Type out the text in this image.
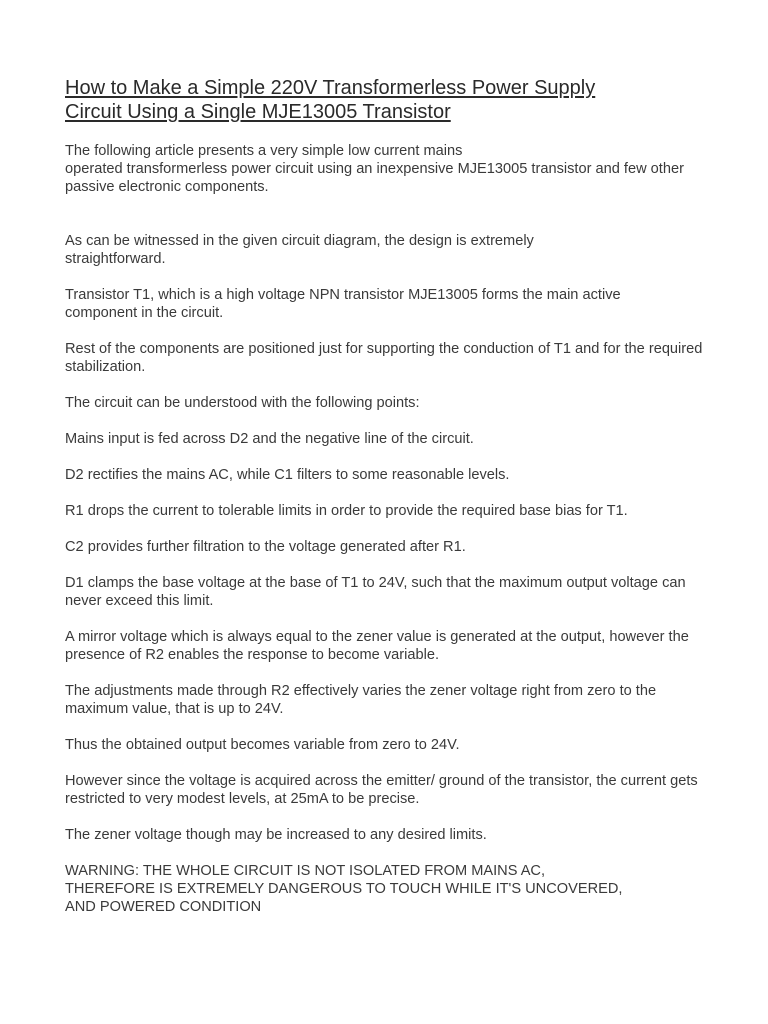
How to Make a Simple 220V Transformerless Power Supply
Circuit Using a Single MJE13005 Transistor

The following article presents a very simple low current mains
operated transformerless power circuit using an inexpensive MJE13005 transistor and few other passive electronic components.

As can be witnessed in the given circuit diagram, the design is extremely straightforward.

Transistor T1, which is a high voltage NPN transistor MJE13005 forms the main active component in the circuit.

Rest of the components are positioned just for supporting the conduction of T1 and for the required stabilization.

The circuit can be understood with the following points:

Mains input is fed across D2 and the negative line of the circuit.

D2 rectifies the mains AC, while C1 filters to some reasonable levels.

R1 drops the current to tolerable limits in order to provide the required base bias for T1.

C2 provides further filtration to the voltage generated after R1.

D1 clamps the base voltage at the base of T1 to 24V, such that the maximum output voltage can never exceed this limit.

A mirror voltage which is always equal to the zener value is generated at the output, however the presence of R2 enables the response to become variable.

The adjustments made through R2 effectively varies the zener voltage right from zero to the maximum value, that is up to 24V.

Thus the obtained output becomes variable from zero to 24V.

However since the voltage is acquired across the emitter/ ground of the transistor, the current gets restricted to very modest levels, at 25mA to be precise.

The zener voltage though may be increased to any desired limits.

WARNING: THE WHOLE CIRCUIT IS NOT ISOLATED FROM MAINS AC, THEREFORE IS EXTREMELY DANGEROUS TO TOUCH WHILE IT'S UNCOVERED, AND POWERED CONDITION
